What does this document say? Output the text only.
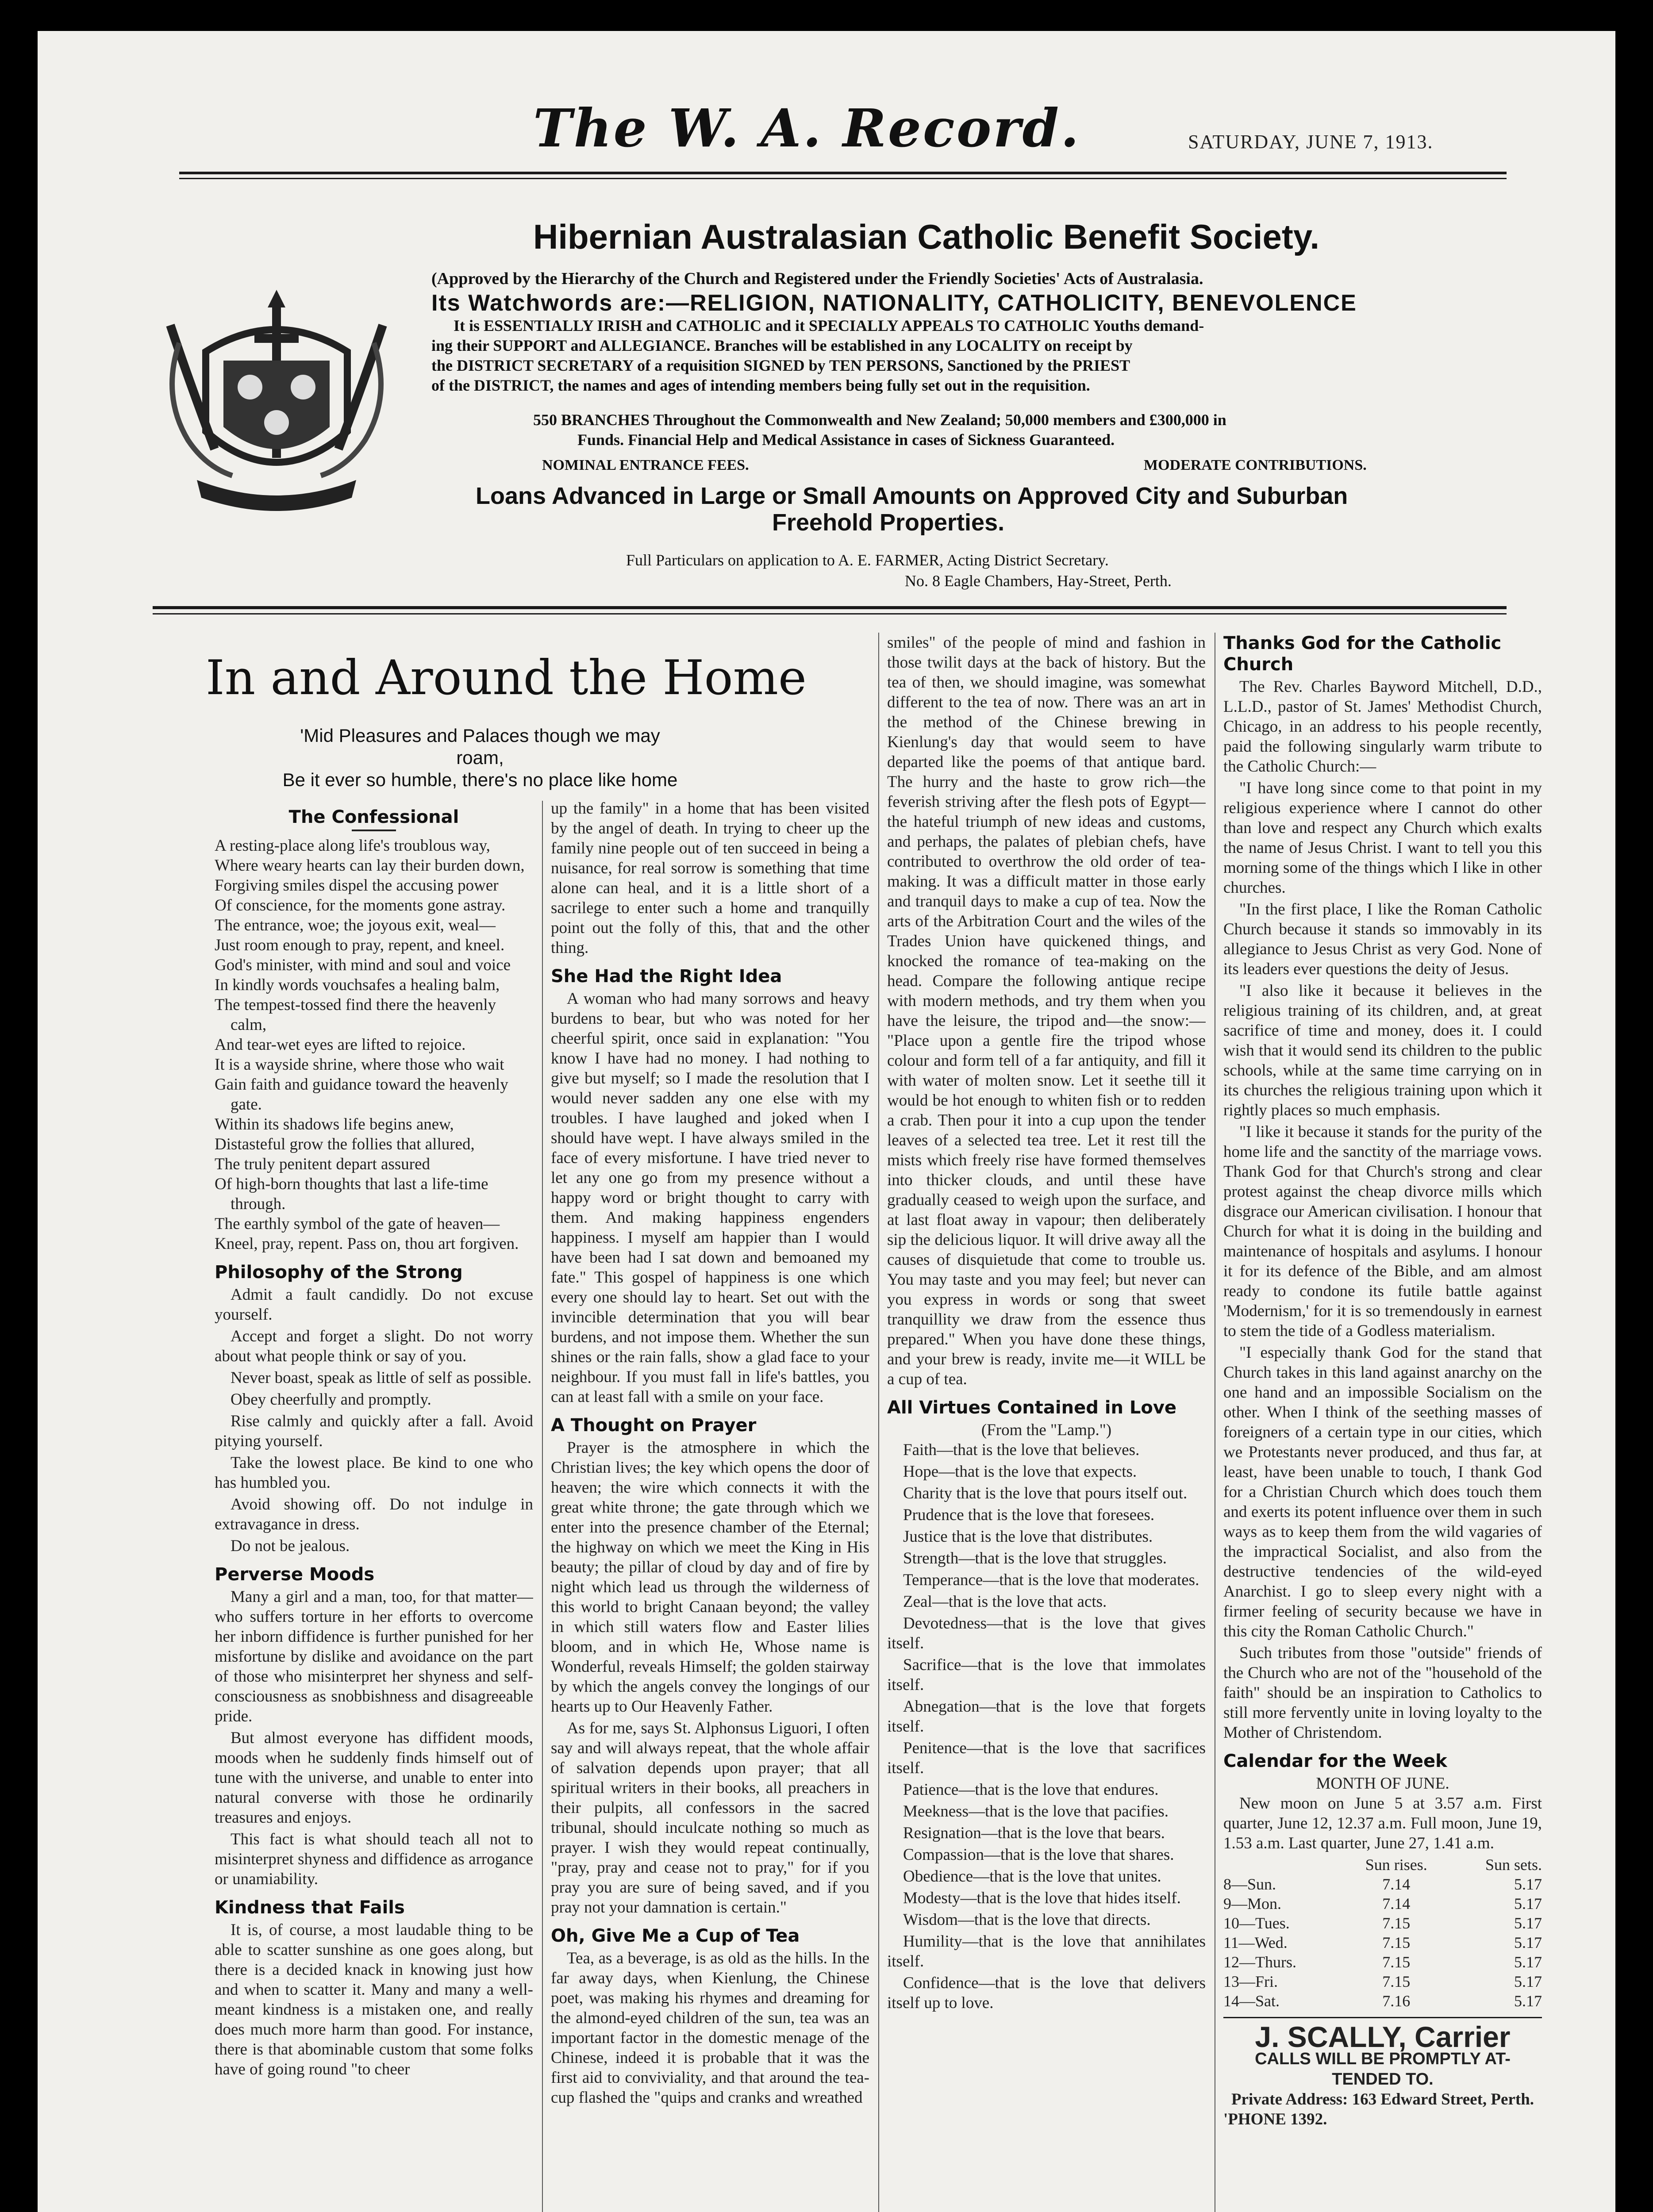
The W. A. Record.	SATURDAY, JUNE 7, 1913.
Hibernian Australasian Catholic Benefit Society.
(Approved by the Hierarchy of the Church and Registered under the Friendly Societies' Acts of Australasia.
Its Watchwords are:—RELIGION, NATIONALITY, CATHOLICITY, BENEVOLENCE
It is ESSENTIALLY IRISH and CATHOLIC and it SPECIALLY APPEALS TO CATHOLIC Youths demand-
ing their SUPPORT and ALLEGIANCE. Branches will be established in any LOCALITY on receipt by
the DISTRICT SECRETARY of a requisition SIGNED by TEN PERSONS, Sanctioned by the PRIEST
of the DISTRICT, the names and ages of intending members being fully set out in the requisition.
550 BRANCHES Throughout the Commonwealth and New Zealand; 50,000 members and £300,000 in
Funds. Financial Help and Medical Assistance in cases of Sickness Guaranteed.
NOMINAL ENTRANCE FEES.	MODERATE CONTRIBUTIONS.
Loans Advanced in Large or Small Amounts on Approved City and Suburban
Freehold Properties.
Full Particulars on application to A. E. FARMER, Acting District Secretary.
No. 8 Eagle Chambers, Hay-Street, Perth.
In and Around the Home
'Mid Pleasures and Palaces though we may roam,
Be it ever so humble, there's no place like home
The Confessional

A resting-place along life's troublous way,

Where weary hearts can lay their burden down,

Forgiving smiles dispel the accusing power

Of conscience, for the moments gone astray.

The entrance, woe; the joyous exit, weal—

Just room enough to pray, repent, and kneel.

God's minister, with mind and soul and voice

In kindly words vouchsafes a healing balm,

The tempest-tossed find there the heavenly calm,

And tear-wet eyes are lifted to rejoice.

It is a wayside shrine, where those who wait

Gain faith and guidance toward the heavenly gate.

Within its shadows life begins anew,

Distasteful grow the follies that allured,

The truly penitent depart assured

Of high-born thoughts that last a life-time through.

The earthly symbol of the gate of heaven—

Kneel, pray, repent. Pass on, thou art forgiven.

Philosophy of the Strong

Admit a fault candidly. Do not excuse yourself.

Accept and forget a slight. Do not worry about what people think or say of you.

Never boast, speak as little of self as possible.

Obey cheerfully and promptly.

Rise calmly and quickly after a fall. Avoid pitying yourself.

Take the lowest place. Be kind to one who has humbled you.

Avoid showing off. Do not indulge in extravagance in dress.

Do not be jealous.

Perverse Moods

Many a girl and a man, too, for that matter—who suffers torture in her efforts to overcome her inborn diffidence is further punished for her misfortune by dislike and avoidance on the part of those who misinterpret her shyness and self-consciousness as snobbishness and disagreeable pride.

But almost everyone has diffident moods, moods when he suddenly finds himself out of tune with the universe, and unable to enter into natural converse with those he ordinarily treasures and enjoys.

This fact is what should teach all not to misinterpret shyness and diffidence as arrogance or unamiability.

Kindness that Fails

It is, of course, a most laudable thing to be able to scatter sunshine as one goes along, but there is a decided knack in knowing just how and when to scatter it. Many and many a well-meant kindness is a mistaken one, and really does much more harm than good. For instance, there is that abominable custom that some folks have of going round "to cheer

up the family" in a home that has been visited by the angel of death. In trying to cheer up the family nine people out of ten succeed in being a nuisance, for real sorrow is something that time alone can heal, and it is a little short of a sacrilege to enter such a home and tranquilly point out the folly of this, that and the other thing.

She Had the Right Idea

A woman who had many sorrows and heavy burdens to bear, but who was noted for her cheerful spirit, once said in explanation: "You know I have had no money. I had nothing to give but myself; so I made the resolution that I would never sadden any one else with my troubles. I have laughed and joked when I should have wept. I have always smiled in the face of every misfortune. I have tried never to let any one go from my presence without a happy word or bright thought to carry with them. And making happiness engenders happiness. I myself am happier than I would have been had I sat down and bemoaned my fate." This gospel of happiness is one which every one should lay to heart. Set out with the invincible determination that you will bear burdens, and not impose them. Whether the sun shines or the rain falls, show a glad face to your neighbour. If you must fall in life's battles, you can at least fall with a smile on your face.

A Thought on Prayer

Prayer is the atmosphere in which the Christian lives; the key which opens the door of heaven; the wire which connects it with the great white throne; the gate through which we enter into the presence chamber of the Eternal; the highway on which we meet the King in His beauty; the pillar of cloud by day and of fire by night which lead us through the wilderness of this world to bright Canaan beyond; the valley in which still waters flow and Easter lilies bloom, and in which He, Whose name is Wonderful, reveals Himself; the golden stairway by which the angels convey the longings of our hearts up to Our Heavenly Father.

As for me, says St. Alphonsus Liguori, I often say and will always repeat, that the whole affair of salvation depends upon prayer; that all spiritual writers in their books, all preachers in their pulpits, all confessors in the sacred tribunal, should inculcate nothing so much as prayer. I wish they would repeat continually, "pray, pray and cease not to pray," for if you pray you are sure of being saved, and if you pray not your damnation is certain."

Oh, Give Me a Cup of Tea

Tea, as a beverage, is as old as the hills. In the far away days, when Kienlung, the Chinese poet, was making his rhymes and dreaming for the almond-eyed children of the sun, tea was an important factor in the domestic menage of the Chinese, indeed it is probable that it was the first aid to conviviality, and that around the tea-cup flashed the "quips and cranks and wreathed

smiles" of the people of mind and fashion in those twilit days at the back of history. But the tea of then, we should imagine, was somewhat different to the tea of now. There was an art in the method of the Chinese brewing in Kienlung's day that would seem to have departed like the poems of that antique bard. The hurry and the haste to grow rich—the feverish striving after the flesh pots of Egypt—the hateful triumph of new ideas and customs, and perhaps, the palates of plebian chefs, have contributed to overthrow the old order of tea-making. It was a difficult matter in those early and tranquil days to make a cup of tea. Now the arts of the Arbitration Court and the wiles of the Trades Union have quickened things, and knocked the romance of tea-making on the head. Compare the following antique recipe with modern methods, and try them when you have the leisure, the tripod and—the snow:— "Place upon a gentle fire the tripod whose colour and form tell of a far antiquity, and fill it with water of molten snow. Let it seethe till it would be hot enough to whiten fish or to redden a crab. Then pour it into a cup upon the tender leaves of a selected tea tree. Let it rest till the mists which freely rise have formed themselves into thicker clouds, and until these have gradually ceased to weigh upon the surface, and at last float away in vapour; then deliberately sip the delicious liquor. It will drive away all the causes of disquietude that come to trouble us. You may taste and you may feel; but never can you express in words or song that sweet tranquillity we draw from the essence thus prepared." When you have done these things, and your brew is ready, invite me—it WILL be a cup of tea.

All Virtues Contained in Love
(From the "Lamp.")

Faith—that is the love that believes.

Hope—that is the love that expects.

Charity that is the love that pours itself out.

Prudence that is the love that foresees.

Justice that is the love that distributes.

Strength—that is the love that struggles.

Temperance—that is the love that moderates.

Zeal—that is the love that acts.

Devotedness—that is the love that gives itself.

Sacrifice—that is the love that immolates itself.

Abnegation—that is the love that forgets itself.

Penitence—that is the love that sacrifices itself.

Patience—that is the love that endures.

Meekness—that is the love that pacifies.

Resignation—that is the love that bears.

Compassion—that is the love that shares.

Obedience—that is the love that unites.

Modesty—that is the love that hides itself.

Wisdom—that is the love that directs.

Humility—that is the love that annihilates itself.

Confidence—that is the love that delivers itself up to love.

Thanks God for the Catholic Church

The Rev. Charles Bayword Mitchell, D.D., L.L.D., pastor of St. James' Methodist Church, Chicago, in an address to his people recently, paid the following singularly warm tribute to the Catholic Church:—

"I have long since come to that point in my religious experience where I cannot do other than love and respect any Church which exalts the name of Jesus Christ. I want to tell you this morning some of the things which I like in other churches.

"In the first place, I like the Roman Catholic Church because it stands so immovably in its allegiance to Jesus Christ as very God. None of its leaders ever questions the deity of Jesus.

"I also like it because it believes in the religious training of its children, and, at great sacrifice of time and money, does it. I could wish that it would send its children to the public schools, while at the same time carrying on in its churches the religious training upon which it rightly places so much emphasis.

"I like it because it stands for the purity of the home life and the sanctity of the marriage vows. Thank God for that Church's strong and clear protest against the cheap divorce mills which disgrace our American civilisation. I honour that Church for what it is doing in the building and maintenance of hospitals and asylums. I honour it for its defence of the Bible, and am almost ready to condone its futile battle against 'Modernism,' for it is so tremendously in earnest to stem the tide of a Godless materialism.

"I especially thank God for the stand that Church takes in this land against anarchy on the one hand and an impossible Socialism on the other. When I think of the seething masses of foreigners of a certain type in our cities, which we Protestants never produced, and thus far, at least, have been unable to touch, I thank God for a Christian Church which does touch them and exerts its potent influence over them in such ways as to keep them from the wild vagaries of the impractical Socialist, and also from the destructive tendencies of the wild-eyed Anarchist. I go to sleep every night with a firmer feeling of security because we have in this city the Roman Catholic Church."

Such tributes from those "outside" friends of the Church who are not of the "household of the faith" should be an inspiration to Catholics to still more fervently unite in loving loyalty to the Mother of Christendom.

Calendar for the Week
MONTH OF JUNE.

New moon on June 5 at 3.57 a.m. First quarter, June 12, 12.37 a.m. Full moon, June 19, 1.53 a.m. Last quarter, June 27, 1.41 a.m.

	Sun rises.	Sun sets.
8—Sun.	7.14	5.17
9—Mon.	7.14	5.17
10—Tues.	7.15	5.17
11—Wed.	7.15	5.17
12—Thurs.	7.15	5.17
13—Fri.	7.15	5.17
14—Sat.	7.16	5.17
J. SCALLY, Carrier
CALLS WILL BE PROMPTLY AT-
TENDED TO.
Private Address: 163 Edward Street, Perth.
'PHONE 1392.
